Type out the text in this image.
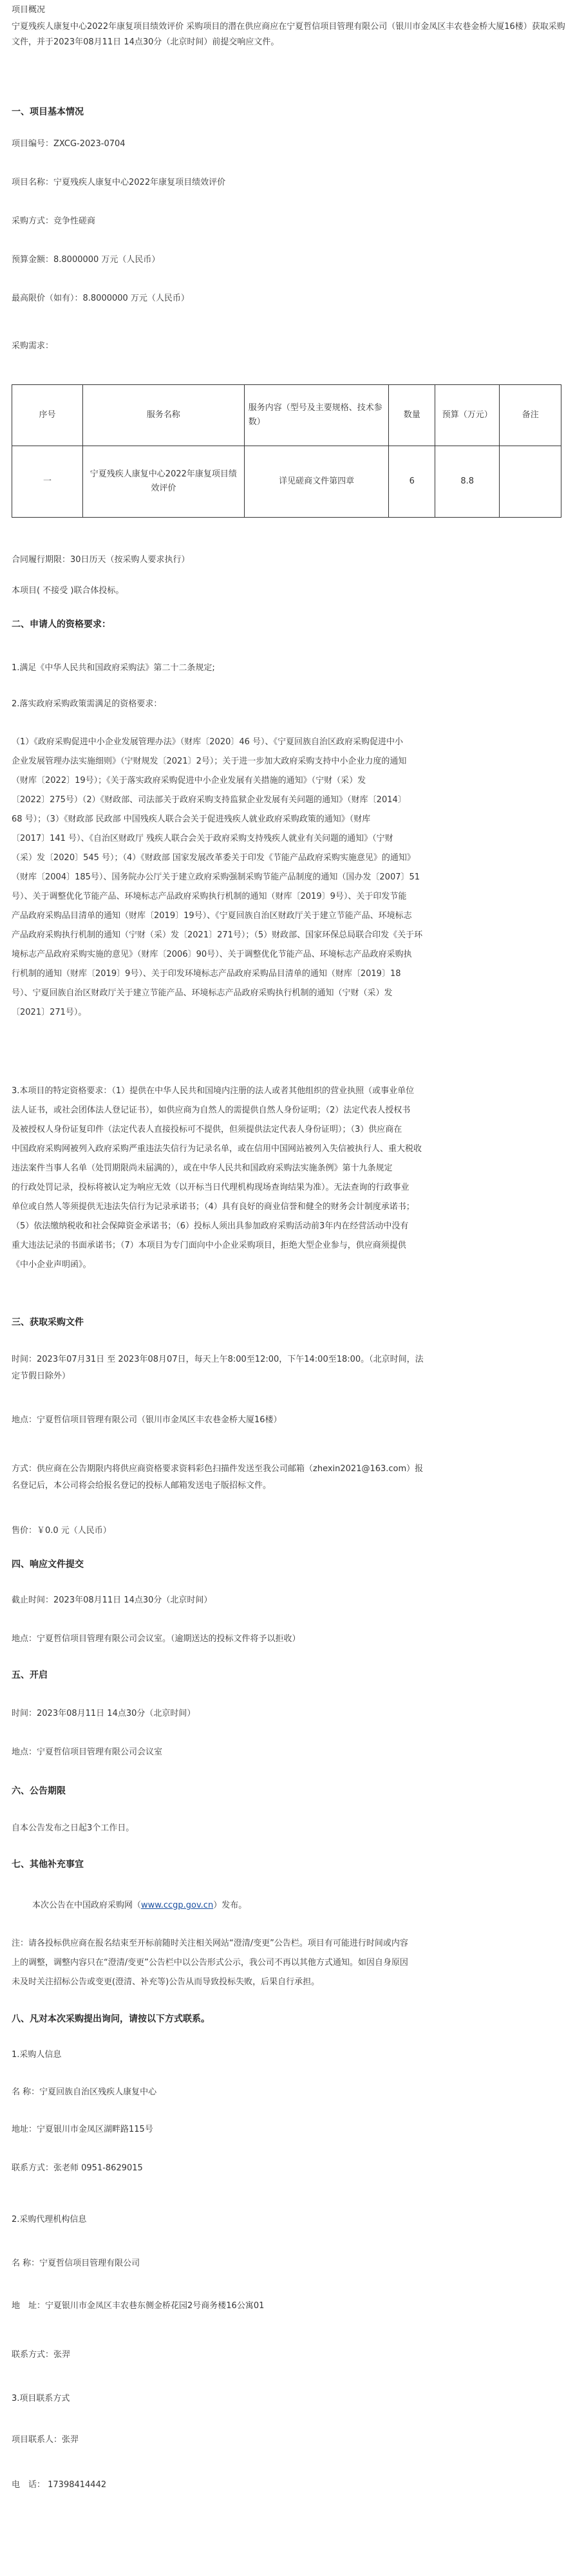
项目概况

宁夏残疾人康复中心2022年康复项目绩效评价 采购项目的潜在供应商应在宁夏哲信项目管理有限公司（银川市金凤区丰农巷金桥大厦16楼）获取采购文件，并于2023年08月11日 14点30分（北京时间）前提交响应文件。

一、项目基本情况

项目编号：ZXCG-2023-0704

项目名称：宁夏残疾人康复中心2022年康复项目绩效评价

采购方式：竞争性磋商

预算金额：8.8000000 万元（人民币）

最高限价（如有）：8.8000000 万元（人民币）

采购需求：

序号	服务名称	服务内容（型号及主要规格、技术参数）	数量	预算（万元）	备注
一	宁夏残疾人康复中心2022年康复项目绩效评价	详见磋商文件第四章	6	8.8	

合同履行期限：30日历天（按采购人要求执行）

本项目( 不接受 )联合体投标。

二、申请人的资格要求：

1.满足《中华人民共和国政府采购法》第二十二条规定;

2.落实政府采购政策需满足的资格要求：

（1）《政府采购促进中小企业发展管理办法》（财库〔2020〕46 号）、《宁夏回族自治区政府采购促进中小
企业发展管理办法实施细则》（宁财规发〔2021〕2号）；关于进一步加大政府采购支持中小企业力度的通知
（财库〔2022〕19号）；《关于落实政府采购促进中小企业发展有关措施的通知》（宁财（采）发
〔2022〕275号）（2）《财政部、司法部关于政府采购支持监狱企业发展有关问题的通知》（财库〔2014〕
68 号）；（3）《财政部 民政部 中国残疾人联合会关于促进残疾人就业政府采购政策的通知》（财库
〔2017〕141 号）、《自治区财政厅 残疾人联合会关于政府采购支持残疾人就业有关问题的通知》（宁财
（采）发〔2020〕545 号）；（4）《财政部 国家发展改革委关于印发《节能产品政府采购实施意见》的通知》
（财库〔2004〕185号）、国务院办公厅关于建立政府采购强制采购节能产品制度的通知（国办发〔2007〕51
号）、关于调整优化节能产品、环境标志产品政府采购执行机制的通知（财库〔2019〕9号）、关于印发节能
产品政府采购品目清单的通知（财库〔2019〕19号）、《宁夏回族自治区财政厅关于建立节能产品、环境标志
产品政府采购执行机制的通知（宁财（采）发〔2021〕271号）；（5）财政部、国家环保总局联合印发《关于环
境标志产品政府采购实施的意见》（财库〔2006〕90号）、关于调整优化节能产品、环境标志产品政府采购执
行机制的通知（财库〔2019〕9号）、关于印发环境标志产品政府采购品目清单的通知（财库〔2019〕18
号）、宁夏回族自治区财政厅关于建立节能产品、环境标志产品政府采购执行机制的通知（宁财（采）发
〔2021〕271号）。
3.本项目的特定资格要求：（1）提供在中华人民共和国境内注册的法人或者其他组织的营业执照（或事业单位
法人证书，或社会团体法人登记证书），如供应商为自然人的需提供自然人身份证明；（2）法定代表人授权书
及被授权人身份证复印件（法定代表人直接投标可不提供，但须提供法定代表人身份证明）；（3）供应商在
中国政府采购网被列入政府采购严重违法失信行为记录名单，或在信用中国网站被列入失信被执行人、重大税收
违法案件当事人名单（处罚期限尚未届满的），或在中华人民共和国政府采购法实施条例》第十九条规定
的行政处罚记录，投标将被认定为响应无效（以开标当日代理机构现场查询结果为准）。无法查询的行政事业
单位或自然人等须提供无违法失信行为记录承诺书；（4）具有良好的商业信誉和健全的财务会计制度承诺书；
（5）依法缴纳税收和社会保障资金承诺书；（6）投标人须出具参加政府采购活动前3年内在经营活动中没有
重大违法记录的书面承诺书；（7）本项目为专门面向中小企业采购项目，拒绝大型企业参与，供应商须提供
《中小企业声明函》。

三、获取采购文件

时间：2023年07月31日 至 2023年08月07日，每天上午8:00至12:00，下午14:00至18:00。（北京时间，法

定节假日除外）

地点：宁夏哲信项目管理有限公司（银川市金凤区丰农巷金桥大厦16楼）

方式：供应商在公告期限内将供应商资格要求资料彩色扫描件发送至我公司邮箱（zhexin2021@163.com）报

名登记后，本公司将会给报名登记的投标人邮箱发送电子版招标文件。

售价：￥0.0 元（人民币）

四、响应文件提交

截止时间：2023年08月11日 14点30分（北京时间）

地点：宁夏哲信项目管理有限公司会议室。（逾期送达的投标文件将予以拒收）

五、开启

时间：2023年08月11日 14点30分（北京时间）

地点：宁夏哲信项目管理有限公司会议室

六、公告期限

自本公告发布之日起3个工作日。

七、其他补充事宜

本次公告在中国政府采购网（www.ccgp.gov.cn）发布。

注：请各投标供应商在报名结束至开标前随时关注相关网站“澄清/变更”公告栏。项目有可能进行时间或内容
上的调整，调整内容只在“澄清/变更”公告栏中以公告形式公示，我公司不再以其他方式通知。如因自身原因
未及时关注招标公告或变更(澄清、补充等)公告从而导致投标失败，后果自行承担。

八、凡对本次采购提出询问，请按以下方式联系。

1.采购人信息

名 称：宁夏回族自治区残疾人康复中心

地址：宁夏银川市金凤区湖畔路115号

联系方式：张老师 0951-8629015

2.采购代理机构信息

名 称：宁夏哲信项目管理有限公司

地　址：宁夏银川市金凤区丰农巷东侧金桥花园2号商务楼16公寓01

联系方式：张羿

3.项目联系方式

项目联系人：张羿

电　话： 17398414442
